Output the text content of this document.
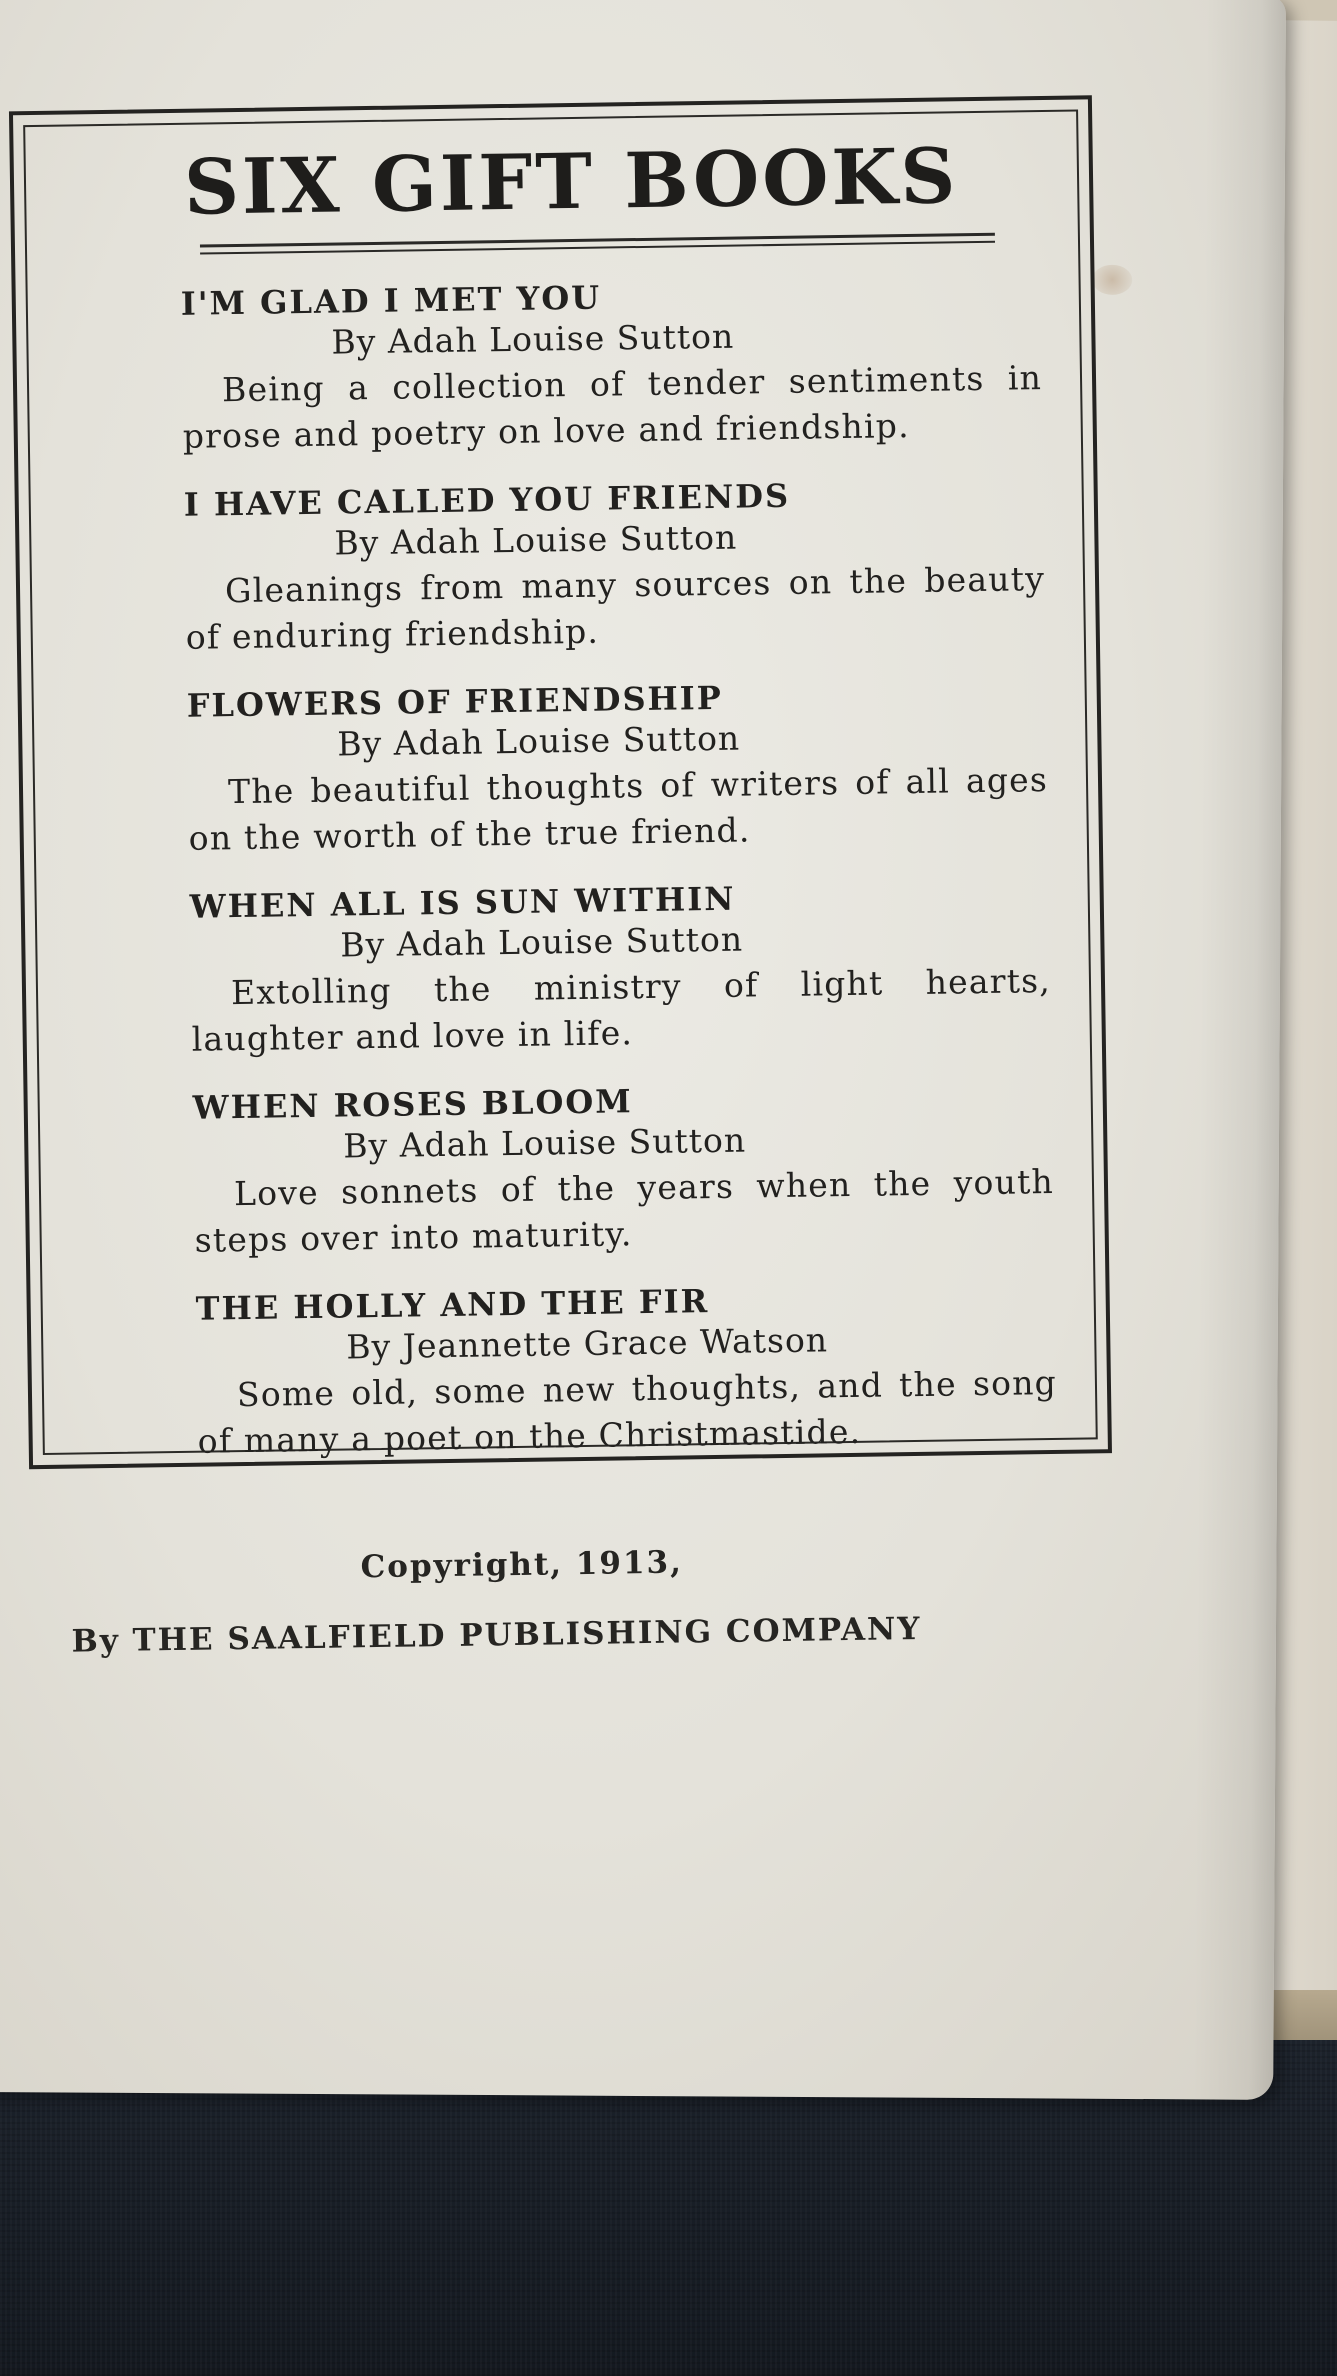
SIX GIFT BOOKS
I'M GLAD I MET YOU
By Adah Louise Sutton
Being a collection of tender sentiments in prose and poetry on love and friendship.
I HAVE CALLED YOU FRIENDS
By Adah Louise Sutton
Gleanings from many sources on the beauty of enduring friendship.
FLOWERS OF FRIENDSHIP
By Adah Louise Sutton
The beautiful thoughts of writers of all ages on the worth of the true friend.
WHEN ALL IS SUN WITHIN
By Adah Louise Sutton
Extolling the ministry of light hearts, laughter and love in life.
WHEN ROSES BLOOM
By Adah Louise Sutton
Love sonnets of the years when the youth steps over into maturity.
THE HOLLY AND THE FIR
By Jeannette Grace Watson
Some old, some new thoughts, and the song of many a poet on the Christmastide.
Copyright, 1913,
By THE SAALFIELD PUBLISHING COMPANY
